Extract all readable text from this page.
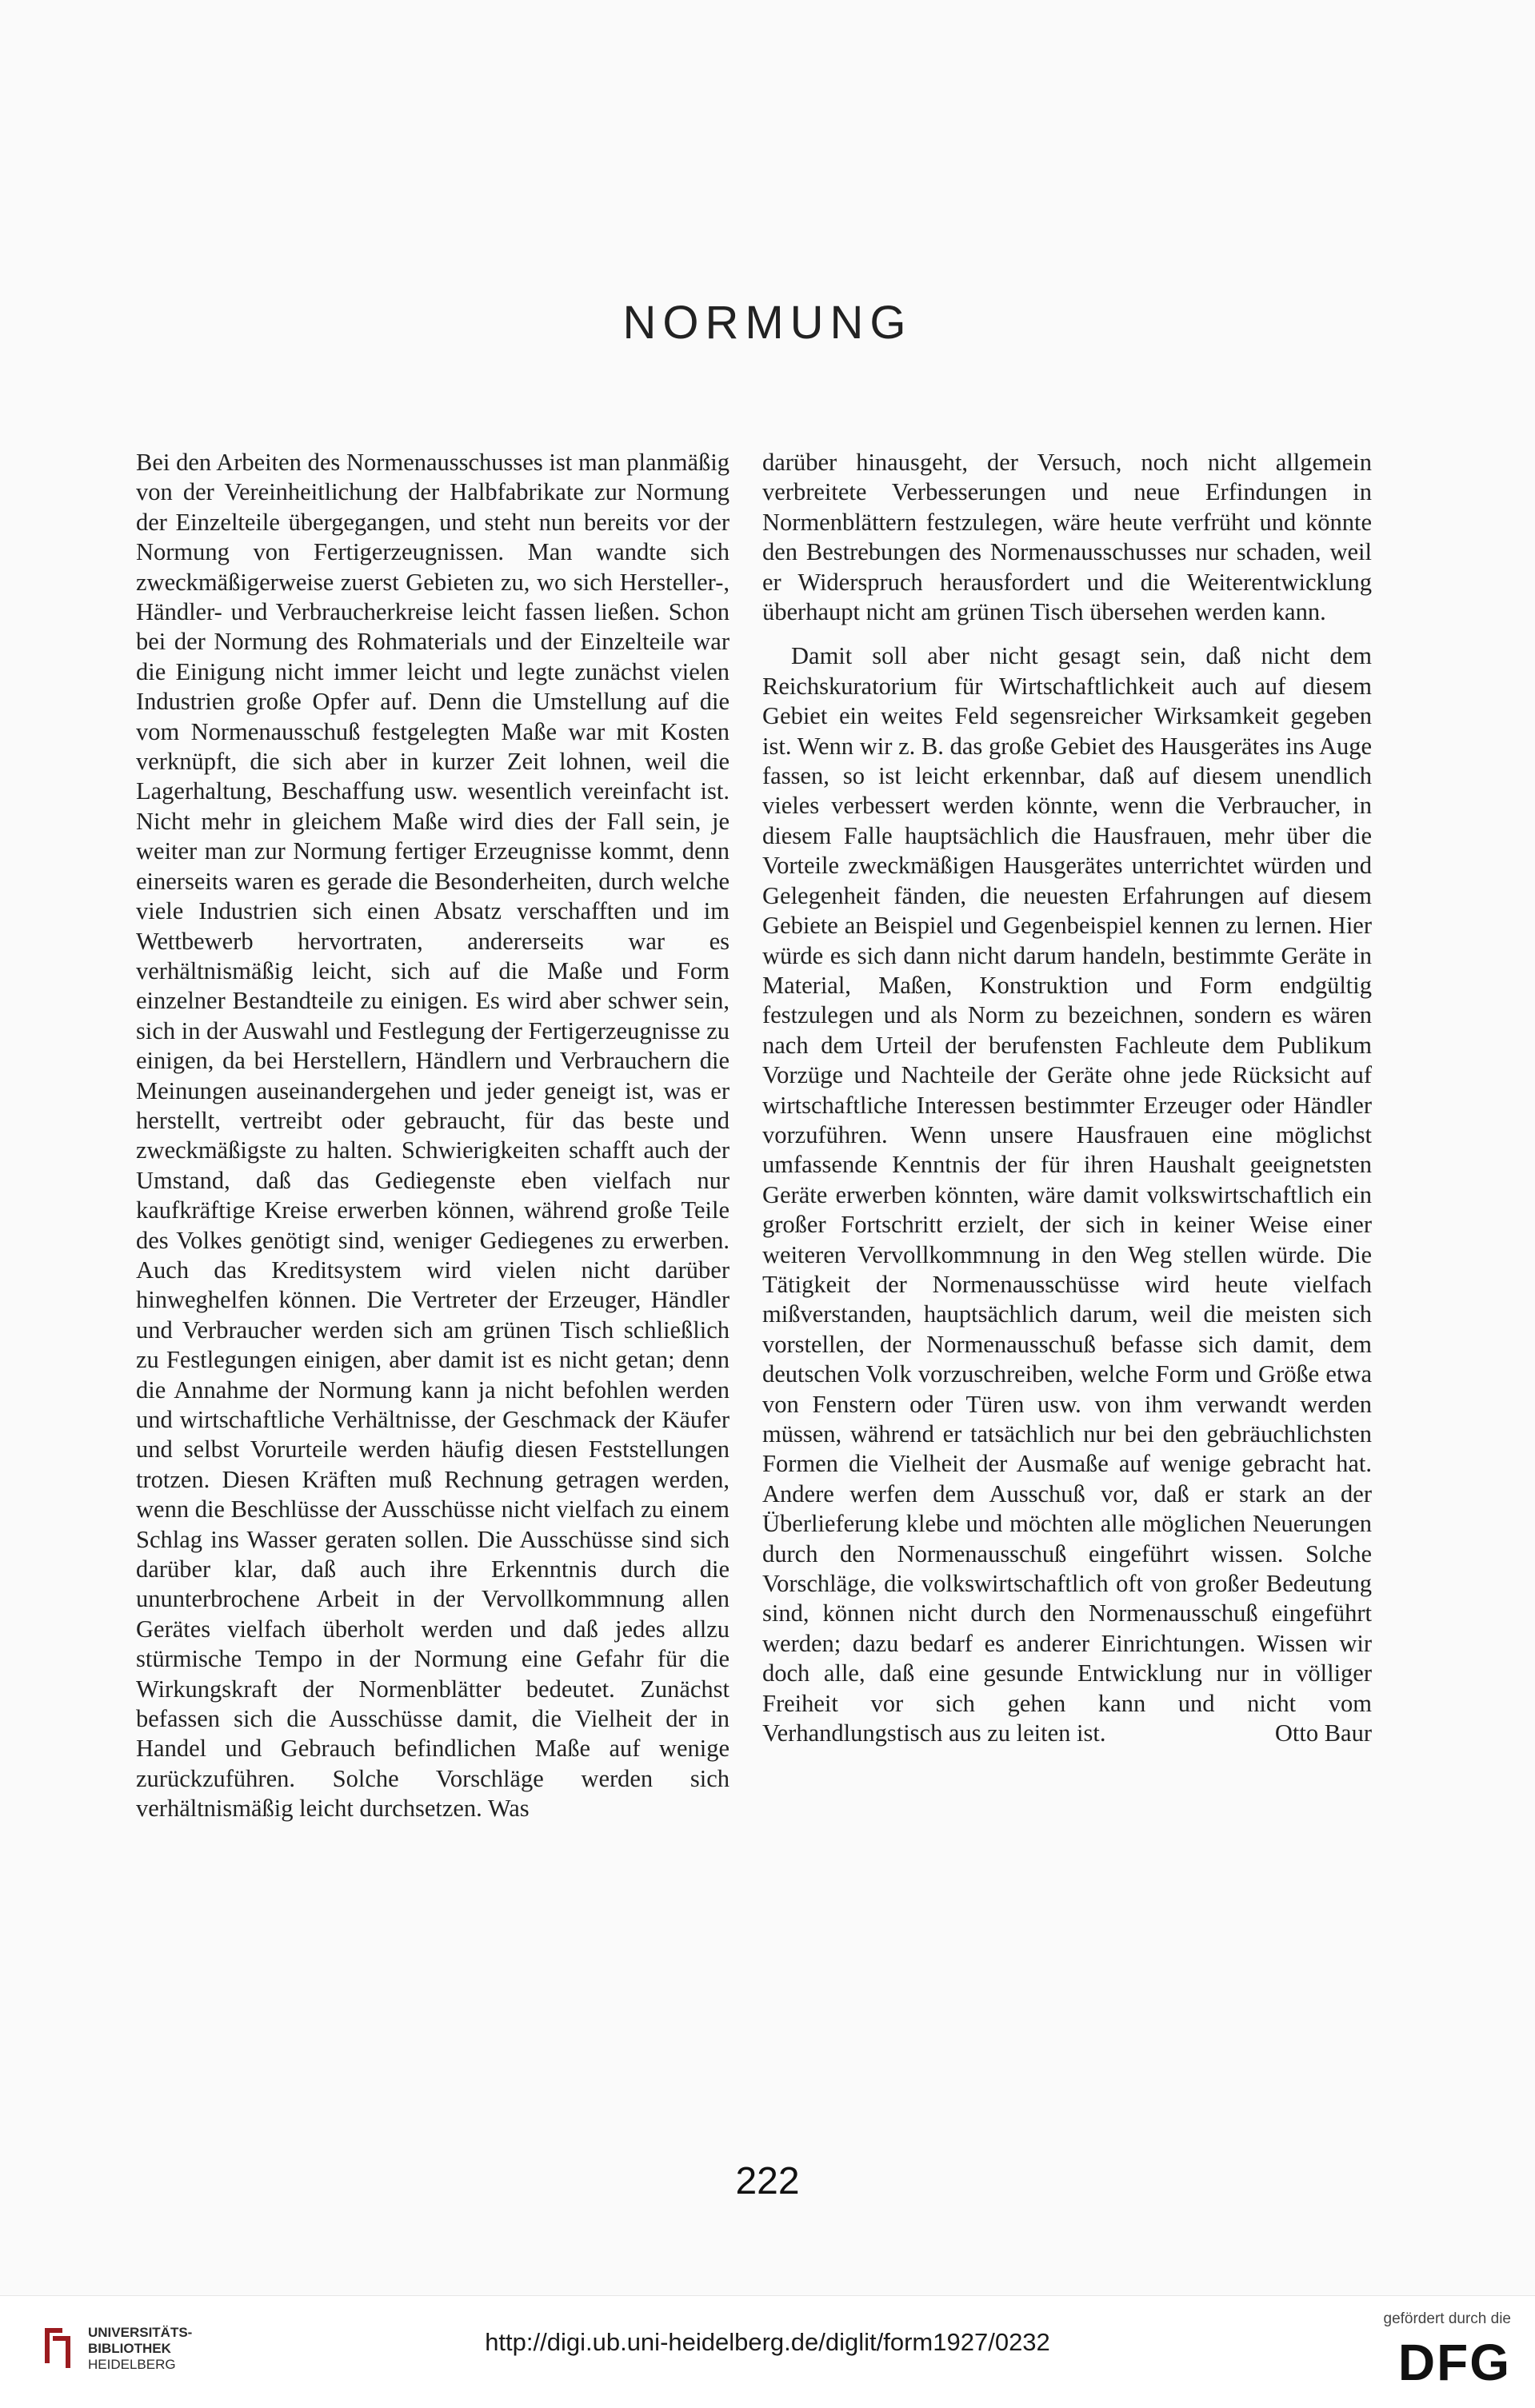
NORMUNG

Bei den Arbeiten des Normenausschusses ist man planmäßig von der Vereinheitlichung der Halbfabrikate zur Normung der Einzelteile übergegangen, und steht nun bereits vor der Normung von Fertigerzeugnissen. Man wandte sich zweckmäßigerweise zuerst Gebieten zu, wo sich Hersteller-, Händler- und Verbraucherkreise leicht fassen ließen. Schon bei der Normung des Rohmaterials und der Einzelteile war die Einigung nicht immer leicht und legte zunächst vielen Industrien große Opfer auf. Denn die Umstellung auf die vom Normenausschuß festgelegten Maße war mit Kosten verknüpft, die sich aber in kurzer Zeit lohnen, weil die Lagerhaltung, Beschaffung usw. wesentlich vereinfacht ist. Nicht mehr in gleichem Maße wird dies der Fall sein, je weiter man zur Normung fertiger Erzeugnisse kommt, denn einerseits waren es gerade die Besonderheiten, durch welche viele Industrien sich einen Absatz verschafften und im Wettbewerb hervortraten, andererseits war es verhältnismäßig leicht, sich auf die Maße und Form einzelner Bestandteile zu einigen. Es wird aber schwer sein, sich in der Auswahl und Festlegung der Fertigerzeugnisse zu einigen, da bei Herstellern, Händlern und Verbrauchern die Meinungen auseinandergehen und jeder geneigt ist, was er herstellt, vertreibt oder gebraucht, für das beste und zweckmäßigste zu halten. Schwierigkeiten schafft auch der Umstand, daß das Gediegenste eben vielfach nur kaufkräftige Kreise erwerben können, während große Teile des Volkes genötigt sind, weniger Gediegenes zu erwerben. Auch das Kreditsystem wird vielen nicht darüber hinweghelfen können. Die Vertreter der Erzeuger, Händler und Verbraucher werden sich am grünen Tisch schließlich zu Festlegungen einigen, aber damit ist es nicht getan; denn die Annahme der Normung kann ja nicht befohlen werden und wirtschaftliche Verhältnisse, der Geschmack der Käufer und selbst Vorurteile werden häufig diesen Feststellungen trotzen. Diesen Kräften muß Rechnung getragen werden, wenn die Beschlüsse der Ausschüsse nicht vielfach zu einem Schlag ins Wasser geraten sollen. Die Ausschüsse sind sich darüber klar, daß auch ihre Erkenntnis durch die ununterbrochene Arbeit in der Vervollkommnung allen Gerätes vielfach überholt werden und daß jedes allzu stürmische Tempo in der Normung eine Gefahr für die Wirkungskraft der Normenblätter bedeutet. Zunächst befassen sich die Ausschüsse damit, die Vielheit der in Handel und Gebrauch befindlichen Maße auf wenige zurückzuführen. Solche Vorschläge werden sich verhältnismäßig leicht durchsetzen. Was

darüber hinausgeht, der Versuch, noch nicht allgemein verbreitete Verbesserungen und neue Erfindungen in Normenblättern festzulegen, wäre heute verfrüht und könnte den Bestrebungen des Normenausschusses nur schaden, weil er Widerspruch herausfordert und die Weiterentwicklung überhaupt nicht am grünen Tisch übersehen werden kann.

Damit soll aber nicht gesagt sein, daß nicht dem Reichskuratorium für Wirtschaftlichkeit auch auf diesem Gebiet ein weites Feld segensreicher Wirksamkeit gegeben ist. Wenn wir z. B. das große Gebiet des Hausgerätes ins Auge fassen, so ist leicht erkennbar, daß auf diesem unendlich vieles verbessert werden könnte, wenn die Verbraucher, in diesem Falle hauptsächlich die Hausfrauen, mehr über die Vorteile zweckmäßigen Hausgerätes unterrichtet würden und Gelegenheit fänden, die neuesten Erfahrungen auf diesem Gebiete an Beispiel und Gegenbeispiel kennen zu lernen. Hier würde es sich dann nicht darum handeln, bestimmte Geräte in Material, Maßen, Konstruktion und Form endgültig festzulegen und als Norm zu bezeichnen, sondern es wären nach dem Urteil der berufensten Fachleute dem Publikum Vorzüge und Nachteile der Geräte ohne jede Rücksicht auf wirtschaftliche Interessen bestimmter Erzeuger oder Händler vorzuführen. Wenn unsere Hausfrauen eine möglichst umfassende Kenntnis der für ihren Haushalt geeignetsten Geräte erwerben könnten, wäre damit volkswirtschaftlich ein großer Fortschritt erzielt, der sich in keiner Weise einer weiteren Vervollkommnung in den Weg stellen würde. Die Tätigkeit der Normenausschüsse wird heute vielfach mißverstanden, hauptsächlich darum, weil die meisten sich vorstellen, der Normenausschuß befasse sich damit, dem deutschen Volk vorzuschreiben, welche Form und Größe etwa von Fenstern oder Türen usw. von ihm verwandt werden müssen, während er tatsächlich nur bei den gebräuchlichsten Formen die Vielheit der Ausmaße auf wenige gebracht hat. Andere werfen dem Ausschuß vor, daß er stark an der Überlieferung klebe und möchten alle möglichen Neuerungen durch den Normenausschuß eingeführt wissen. Solche Vorschläge, die volkswirtschaftlich oft von großer Bedeutung sind, können nicht durch den Normenausschuß eingeführt werden; dazu bedarf es anderer Einrichtungen. Wissen wir doch alle, daß eine gesunde Entwicklung nur in völliger Freiheit vor sich gehen kann und nicht vom Verhandlungstisch aus zu leiten ist.	Otto Baur

222
UNIVERSITÄTS-
BIBLIOTHEK
HEIDELBERG
http://digi.ub.uni-heidelberg.de/diglit/form1927/0232
gefördert durch die
DFG
